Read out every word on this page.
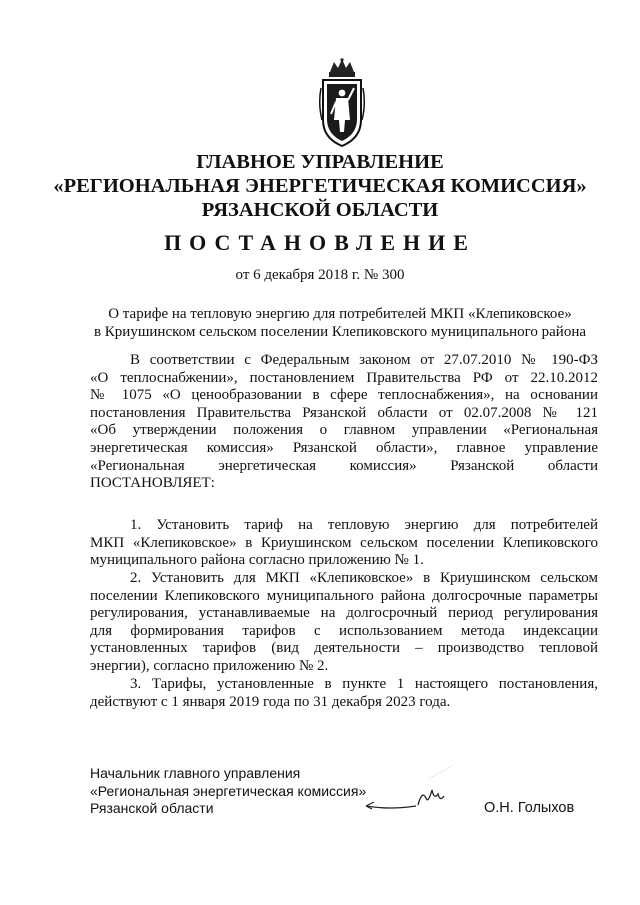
ГЛАВНОЕ УПРАВЛЕНИЕ
«РЕГИОНАЛЬНАЯ ЭНЕРГЕТИЧЕСКАЯ КОМИССИЯ»
РЯЗАНСКОЙ ОБЛАСТИ
ПОСТАНОВЛЕНИЕ
от 6 декабря 2018 г. № 300
О тарифе на тепловую энергию для потребителей МКП «Клепиковское»
в Криушинском сельском поселении Клепиковского муниципального района
В соответствии с Федеральным законом от 27.07.2010 № 190-ФЗ
«О теплоснабжении», постановлением Правительства РФ от 22.10.2012
№ 1075 «О ценообразовании в сфере теплоснабжения», на основании
постановления Правительства Рязанской области от 02.07.2008 № 121
«Об утверждении положения о главном управлении «Региональная
энергетическая комиссия» Рязанской области», главное управление
«Региональная энергетическая комиссия» Рязанской области
ПОСТАНОВЛЯЕТ:
1. Установить тариф на тепловую энергию для потребителей
МКП «Клепиковское» в Криушинском сельском поселении Клепиковского
муниципального района согласно приложению № 1.
2. Установить для МКП «Клепиковское» в Криушинском сельском
поселении Клепиковского муниципального района долгосрочные параметры
регулирования, устанавливаемые на долгосрочный период регулирования
для формирования тарифов с использованием метода индексации
установленных тарифов (вид деятельности – производство тепловой
энергии), согласно приложению № 2.
3. Тарифы, установленные в пункте 1 настоящего постановления,
действуют с 1 января 2019 года по 31 декабря 2023 года.
Начальник главного управления
«Региональная энергетическая комиссия»
Рязанской области	О.Н. Голыхов
